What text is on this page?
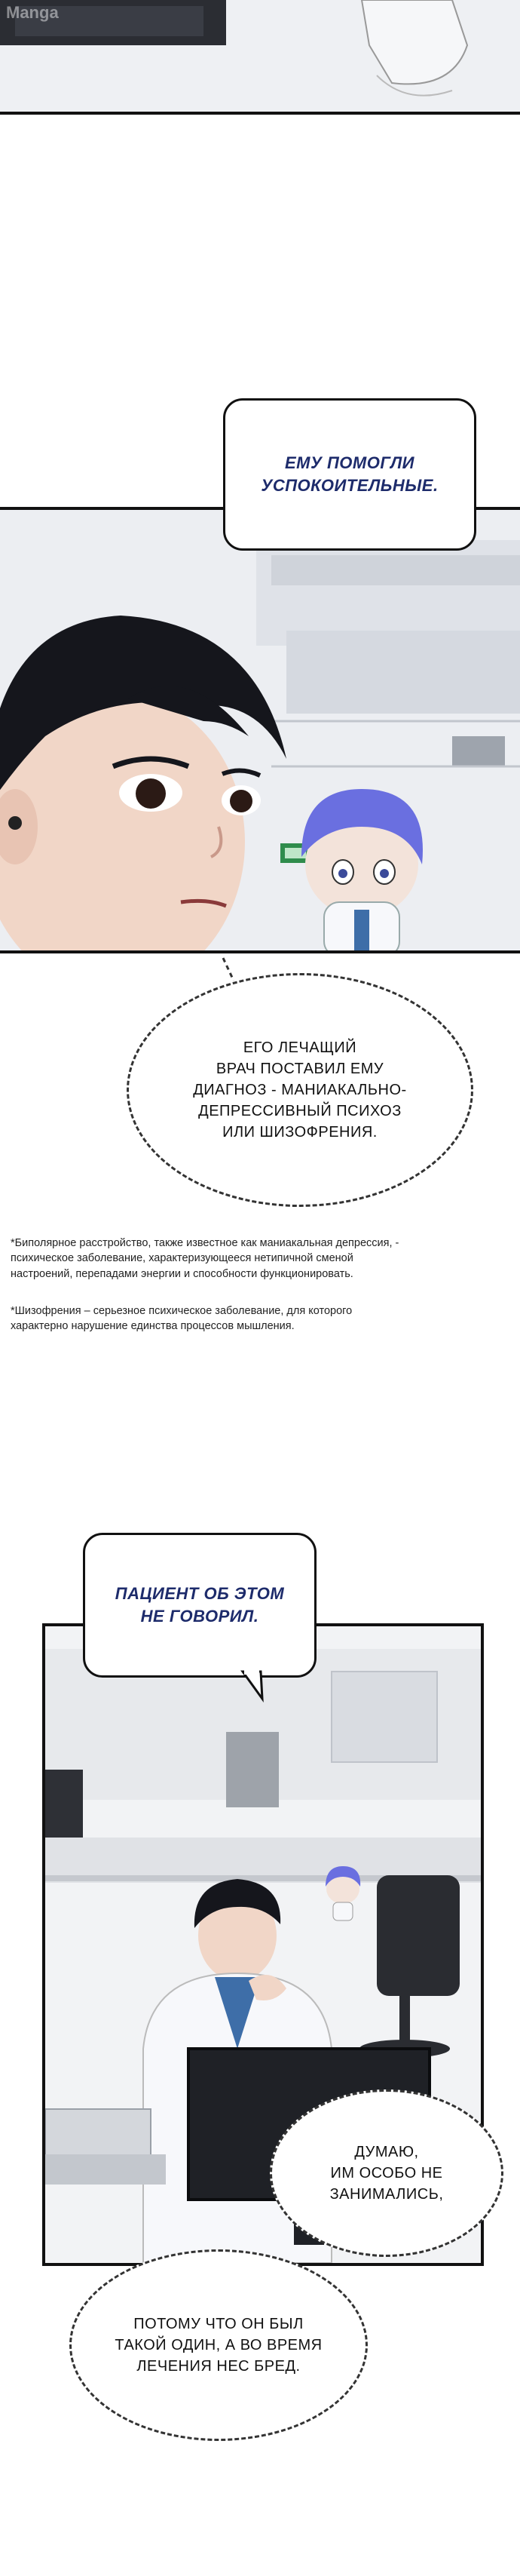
Manga
ЕМУ ПОМОГЛИ
УСПОКОИТЕЛЬНЫЕ.
ЕГО ЛЕЧАЩИЙ
ВРАЧ ПОСТАВИЛ ЕМУ
ДИАГНОЗ - МАНИАКАЛЬНО-
ДЕПРЕССИВНЫЙ ПСИХОЗ
ИЛИ ШИЗОФРЕНИЯ.
*Биполярное расстройство, также известное как маниакальная депрессия, -
психическое заболевание, характеризующееся нетипичной сменой
настроений, перепадами энергии и способности функционировать.
*Шизофрения – серьезное психическое заболевание, для которого
характерно нарушение единства процессов мышления.
ПАЦИЕНТ ОБ ЭТОМ
НЕ ГОВОРИЛ.
ДУМАЮ,
ИМ ОСОБО НЕ
ЗАНИМАЛИСЬ,
ПОТОМУ ЧТО ОН БЫЛ
ТАКОЙ ОДИН, А ВО ВРЕМЯ
ЛЕЧЕНИЯ НЕС БРЕД.
